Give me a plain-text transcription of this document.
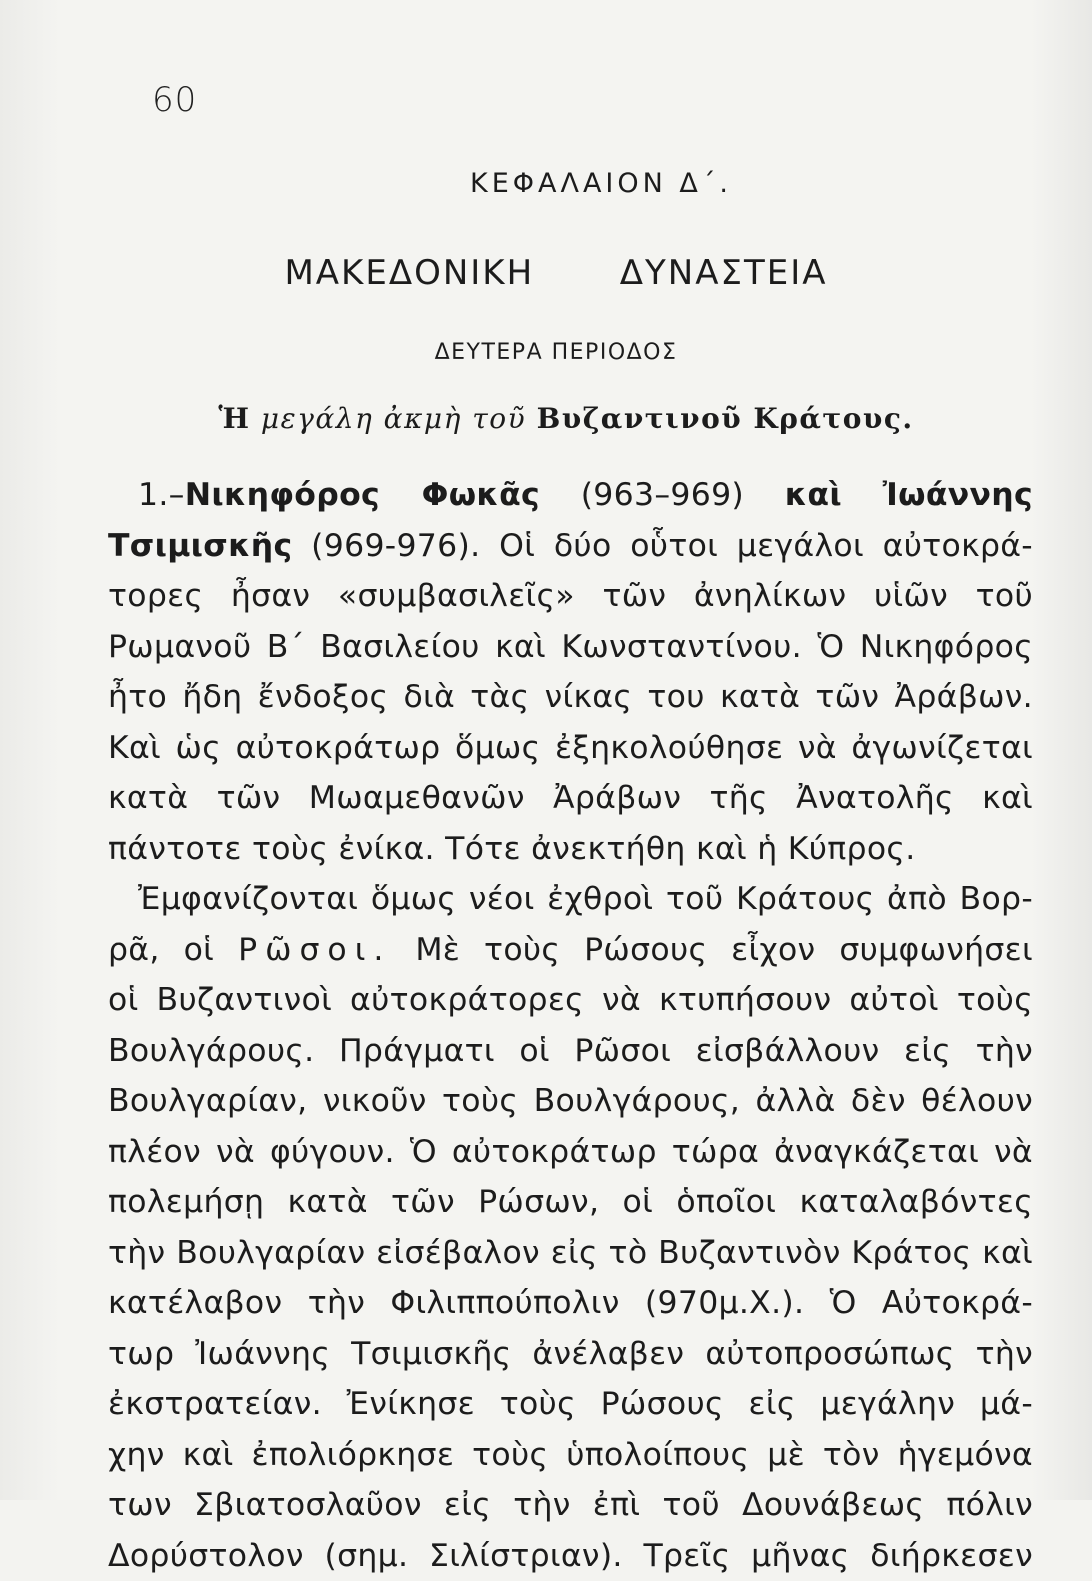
60
ΚΕΦΑΛΑΙΟΝ Δ΄.
ΜΑΚΕΔΟΝΙΚΗ  ΔΥΝΑΣΤΕΙΑ
ΔΕΥΤΕΡΑ ΠΕΡΙΟΔΟΣ
Ἡ μεγάλη ἀκμὴ τοῦ Βυζαντινοῦ Κράτους.
1.–Νικηφόρος Φωκᾶς (963–969) καὶ Ἰωάννης
Τσιμισκῆς (969-976). Οἱ δύο οὗτοι μεγάλοι αὐτοκρά-
τορες ἦσαν «συμβασιλεῖς» τῶν ἀνηλίκων υἱῶν τοῦ
Ρωμανοῦ Β΄ Βασιλείου καὶ Κωνσταντίνου. Ὁ Νικηφόρος
ἦτο ἤδη ἔνδοξος διὰ τὰς νίκας του κατὰ τῶν Ἀράβων.
Καὶ ὡς αὐτοκράτωρ ὅμως ἐξηκολούθησε νὰ ἀγωνίζεται
κατὰ τῶν Μωαμεθανῶν Ἀράβων τῆς Ἀνατολῆς καὶ
πάντοτε τοὺς ἐνίκα. Τότε ἀνεκτήθη καὶ ἡ Κύπρος.
Ἐμφανίζονται ὅμως νέοι ἐχθροὶ τοῦ Κράτους ἀπὸ Βορ-
ρᾶ, οἱ Ρῶσοι. Μὲ τοὺς Ρώσους εἶχον συμφωνήσει
οἱ Βυζαντινοὶ αὐτοκράτορες νὰ κτυπήσουν αὐτοὶ τοὺς
Βουλγάρους. Πράγματι οἱ Ρῶσοι εἰσβάλλουν εἰς τὴν
Βουλγαρίαν, νικοῦν τοὺς Βουλγάρους, ἀλλὰ δὲν θέλουν
πλέον νὰ φύγουν. Ὁ αὐτοκράτωρ τώρα ἀναγκάζεται νὰ
πολεμήσῃ κατὰ τῶν Ρώσων, οἱ ὁποῖοι καταλαβόντες
τὴν Βουλγαρίαν εἰσέβαλον εἰς τὸ Βυζαντινὸν Κράτος καὶ
κατέλαβον τὴν Φιλιππούπολιν (970μ.Χ.). Ὁ Αὐτοκρά-
τωρ Ἰωάννης Τσιμισκῆς ἀνέλαβεν αὐτοπροσώπως τὴν
ἐκστρατείαν. Ἐνίκησε τοὺς Ρώσους εἰς μεγάλην μά-
χην καὶ ἐπολιόρκησε τοὺς ὑπολοίπους μὲ τὸν ἡγεμόνα
των Σβιατοσλαῦον εἰς τὴν ἐπὶ τοῦ Δουνάβεως πόλιν
Δορύστολον (σημ. Σιλίστριαν). Τρεῖς μῆνας διήρκεσεν
